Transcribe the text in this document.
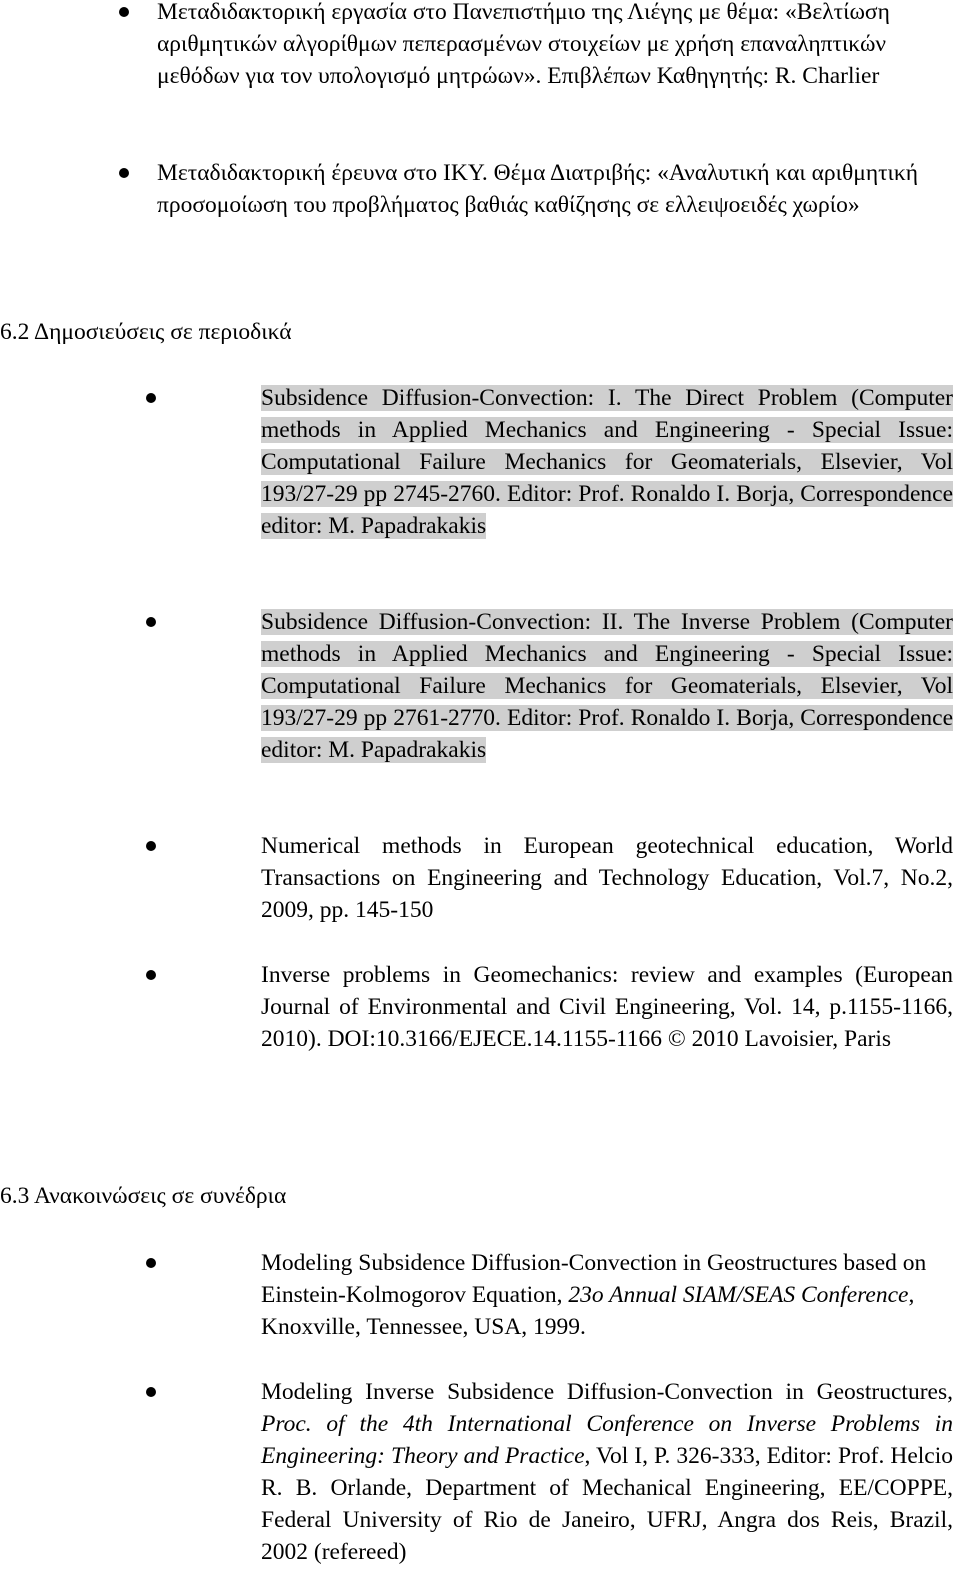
Μεταδιδακτορική εργασία στο Πανεπιστήμιο της Λιέγης με θέμα: «Βελτίωση αριθμητικών αλγορίθμων πεπερασμένων στοιχείων με χρήση επαναληπτικών μεθόδων για τον υπολογισμό μητρώων». Επιβλέπων Καθηγητής: R. Charlier

Μεταδιδακτορική έρευνα στο ΙΚΥ. Θέμα Διατριβής: «Αναλυτική και αριθμητική προσομοίωση του προβλήματος βαθιάς καθίζησης σε ελλειψοειδές χωρίο»

6.2 Δημοσιεύσεις σε περιοδικά

Subsidence Diffusion-Convection: I. The Direct Problem (Computer methods in Applied Mechanics and Engineering - Special Issue: Computational Failure Mechanics for Geomaterials, Elsevier, Vol 193/27-29 pp 2745-2760. Editor: Prof. Ronaldo I. Borja, Correspondence editor: M. Papadrakakis

Subsidence Diffusion-Convection: II. The Inverse Problem (Computer methods in Applied Mechanics and Engineering - Special Issue: Computational Failure Mechanics for Geomaterials, Elsevier, Vol 193/27-29 pp 2761-2770. Editor: Prof. Ronaldo I. Borja, Correspondence editor: M. Papadrakakis

Numerical methods in European geotechnical education, World Transactions on Engineering and Technology Education, Vol.7, No.2, 2009, pp. 145-150

Inverse problems in Geomechanics: review and examples (European Journal of Environmental and Civil Engineering, Vol. 14, p.1155-1166, 2010). DOI:10.3166/EJECE.14.1155-1166 © 2010 Lavoisier, Paris

6.3 Ανακοινώσεις σε συνέδρια

Modeling Subsidence Diffusion-Convection in Geostructures based on Einstein-Kolmogorov Equation, 23o Annual SIAM/SEAS Conference, Knoxville, Tennessee, USA, 1999.

Modeling Inverse Subsidence Diffusion-Convection in Geostructures, Proc. of the 4th International Conference on Inverse Problems in Engineering: Theory and Practice, Vol I, P. 326-333, Editor: Prof. Helcio R. B. Orlande, Department of Mechanical Engineering, EE/COPPE, Federal University of Rio de Janeiro, UFRJ, Angra dos Reis, Brazil, 2002 (refereed)
